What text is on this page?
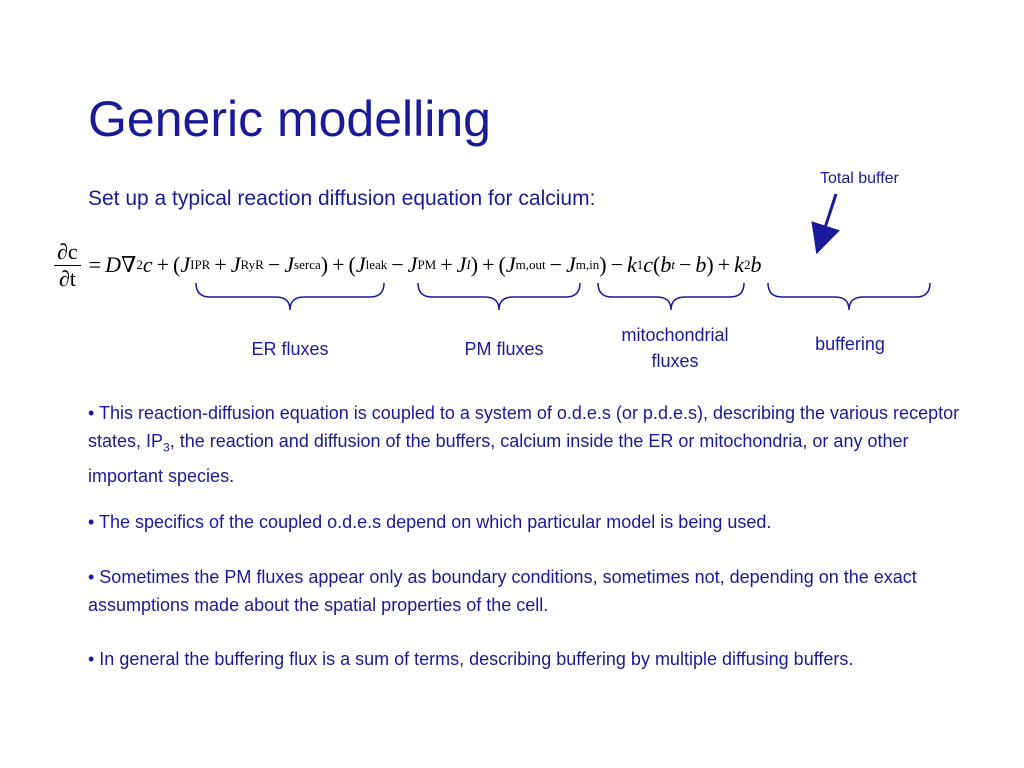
Generic modelling
Set up a typical reaction diffusion equation for calcium:
Total buffer
$\frac{\partial c}{\partial t} = D$ ∇ 2 c + ( J IPR + J RyR − J serca ) + ( J leak − J PM + J I ) + ( J m,out − J m,in ) − k 1 c ( b t − b ) + k 2 b
ER fluxes	PM fluxes
mitochondrial
fluxes
buffering
• This reaction-diffusion equation is coupled to a system of o.d.e.s (or p.d.e.s), describing the various receptor states, $IP_3$, the reaction and diffusion of the buffers, calcium inside the ER or mitochondria, or any other important species.
• The specifics of the coupled o.d.e.s depend on which particular model is being used.
• Sometimes the PM fluxes appear only as boundary conditions, sometimes not, depending on the exact assumptions made about the spatial properties of the cell.
• In general the buffering flux is a sum of terms, describing buffering by multiple diffusing buffers.
